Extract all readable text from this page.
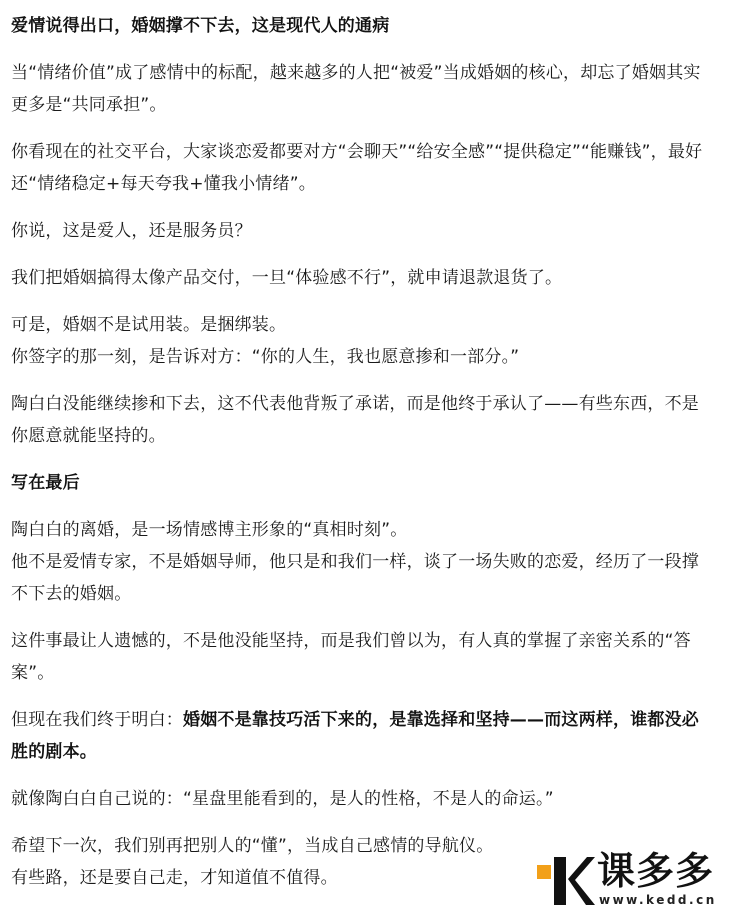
爱情说得出口，婚姻撑不下去，这是现代人的通病

当“情绪价值”成了感情中的标配，越来越多的人把“被爱”当成婚姻的核心，却忘了婚姻其实更多是“共同承担”。

你看现在的社交平台，大家谈恋爱都要对方“会聊天”“给安全感”“提供稳定”“能赚钱”，最好还“情绪稳定+每天夸我+懂我小情绪”。

你说，这是爱人，还是服务员？

我们把婚姻搞得太像产品交付，一旦“体验感不行”，就申请退款退货了。

可是，婚姻不是试用装。是捆绑装。

你签字的那一刻，是告诉对方：“你的人生，我也愿意掺和一部分。”

陶白白没能继续掺和下去，这不代表他背叛了承诺，而是他终于承认了——有些东西，不是你愿意就能坚持的。

写在最后

陶白白的离婚，是一场情感博主形象的“真相时刻”。

他不是爱情专家，不是婚姻导师，他只是和我们一样，谈了一场失败的恋爱，经历了一段撑不下去的婚姻。

这件事最让人遗憾的，不是他没能坚持，而是我们曾以为，有人真的掌握了亲密关系的“答案”。

但现在我们终于明白：婚姻不是靠技巧活下来的，是靠选择和坚持——而这两样，谁都没必胜的剧本。

就像陶白白自己说的：“星盘里能看到的，是人的性格，不是人的命运。”

希望下一次，我们别再把别人的“懂”，当成自己感情的导航仪。

有些路，还是要自己走，才知道值不值得。	课多多
www.kedd.cn
